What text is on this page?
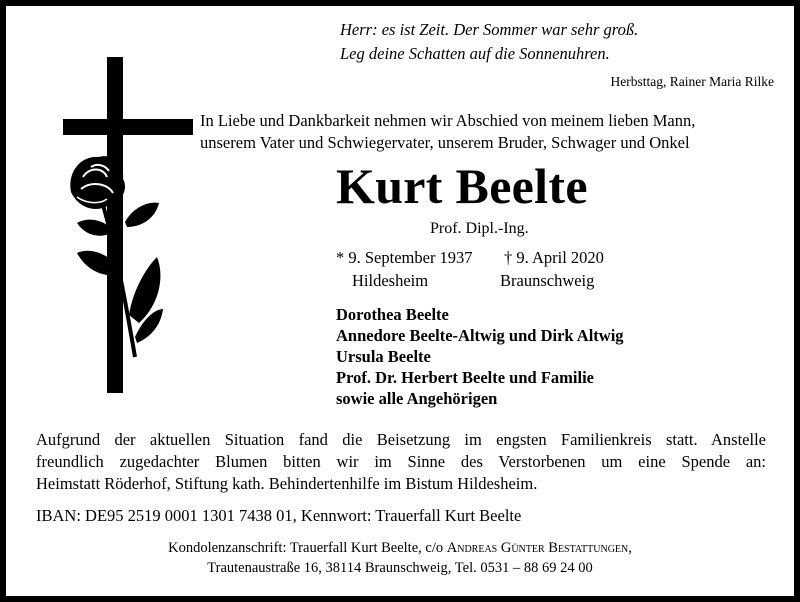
Herr: es ist Zeit. Der Sommer war sehr groß.
Leg deine Schatten auf die Sonnenuhren.
Herbsttag, Rainer Maria Rilke
In Liebe und Dankbarkeit nehmen wir Abschied von meinem lieben Mann,
unserem Vater und Schwiegervater, unserem Bruder, Schwager und Onkel
Kurt Beelte
Prof. Dipl.-Ing.
* 9. September 1937 † 9. April 2020
Hildesheim	Braunschweig
Dorothea Beelte
Annedore Beelte-Altwig und Dirk Altwig
Ursula Beelte
Prof. Dr. Herbert Beelte und Familie
sowie alle Angehörigen
Aufgrund der aktuellen Situation fand die Beisetzung im engsten Familienkreis statt. Anstelle
freundlich zugedachter Blumen bitten wir im Sinne des Verstorbenen um eine Spende an:
Heimstatt Röderhof, Stiftung kath. Behindertenhilfe im Bistum Hildesheim.
IBAN: DE95 2519 0001 1301 7438 01, Kennwort: Trauerfall Kurt Beelte
Kondolenzanschrift: Trauerfall Kurt Beelte, c/o Andreas Günter Bestattungen,
Trautenaustraße 16, 38114 Braunschweig, Tel. 0531 – 88 69 24 00
